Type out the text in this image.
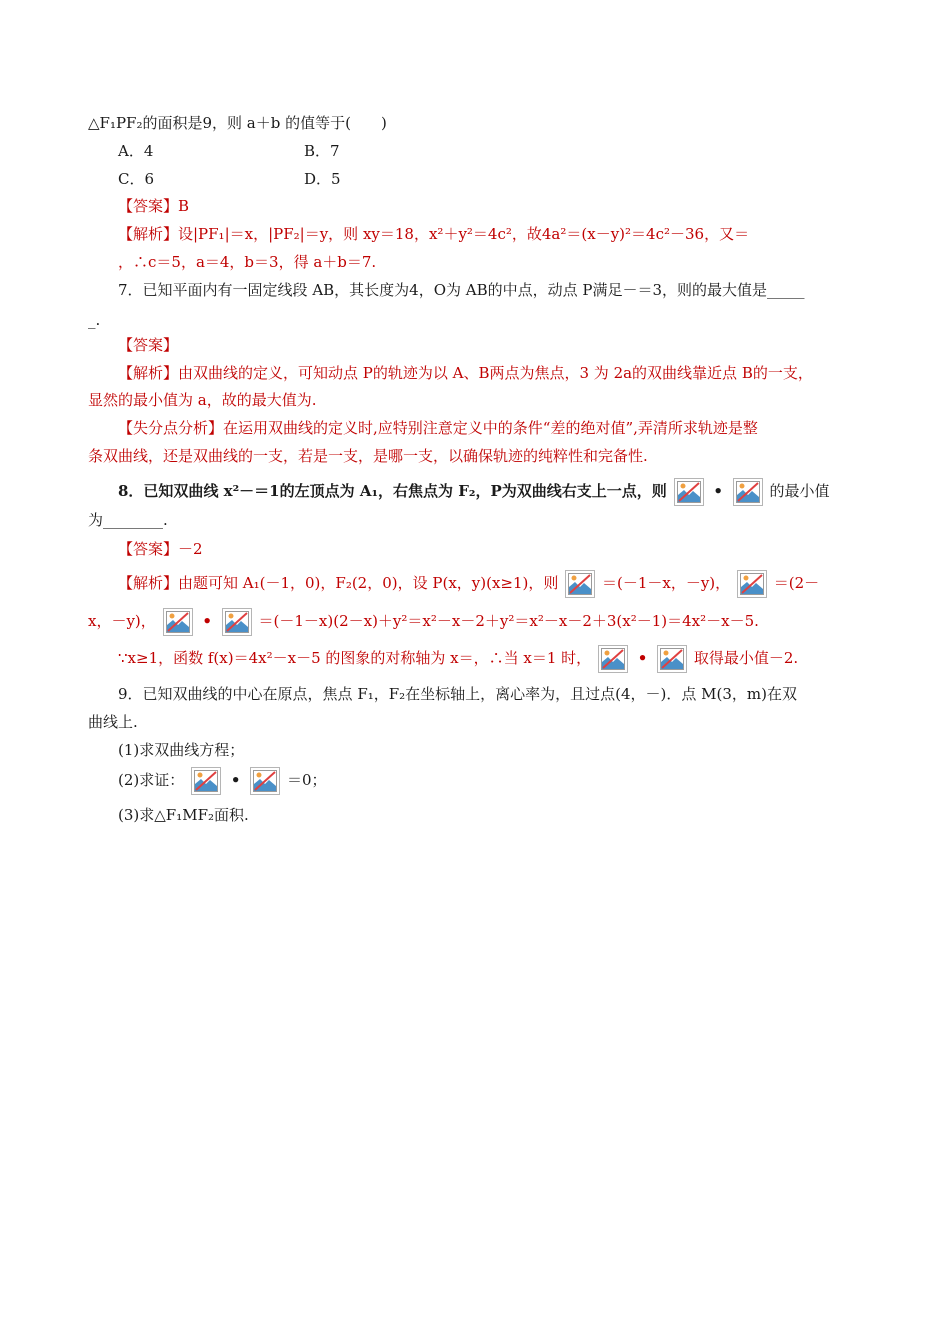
△F₁PF₂的面积是9，则 a＋b 的值等于(　　)
A．4	B．7
C．6	D．5
【答案】B
【解析】设|PF₁|＝x，|PF₂|＝y，则 xy＝18，x²＋y²＝4c²，故4a²＝(x－y)²＝4c²－36，又＝
，∴c＝5，a＝4，b＝3，得 a＋b＝7.
7．已知平面内有一固定线段 AB，其长度为4，O为 AB的中点，动点 P满足－＝3，则的最大值是_____
_.
【答案】
【解析】由双曲线的定义，可知动点 P的轨迹为以 A、B两点为焦点，3 为 2a的双曲线靠近点 B的一支，
显然的最小值为 a，故的最大值为.
【失分点分析】在运用双曲线的定义时,应特别注意定义中的条件“差的绝对值”,弄清所求轨迹是整
条双曲线，还是双曲线的一支，若是一支，是哪一支，以确保轨迹的纯粹性和完备性.
8．已知双曲线 x²－＝1的左顶点为 A₁，右焦点为 F₂，P为双曲线右支上一点，则	•	的最小值
为________.
【答案】－2
【解析】由题可知 A₁(－1，0)，F₂(2，0)，设 P(x，y)(x≥1)，则	＝(－1－x，－y)，	＝(2－
x，－y)，	•	＝(－1－x)(2－x)＋y²＝x²－x－2＋y²＝x²－x－2＋3(x²－1)＝4x²－x－5.
∵x≥1，函数 f(x)＝4x²－x－5 的图象的对称轴为 x＝，∴当 x＝1 时，	•	取得最小值－2.
9．已知双曲线的中心在原点，焦点 F₁，F₂在坐标轴上，离心率为，且过点(4，－)．点 M(3，m)在双
曲线上.
(1)求双曲线方程；
(2)求证：	•	＝0；
(3)求△F₁MF₂面积.
